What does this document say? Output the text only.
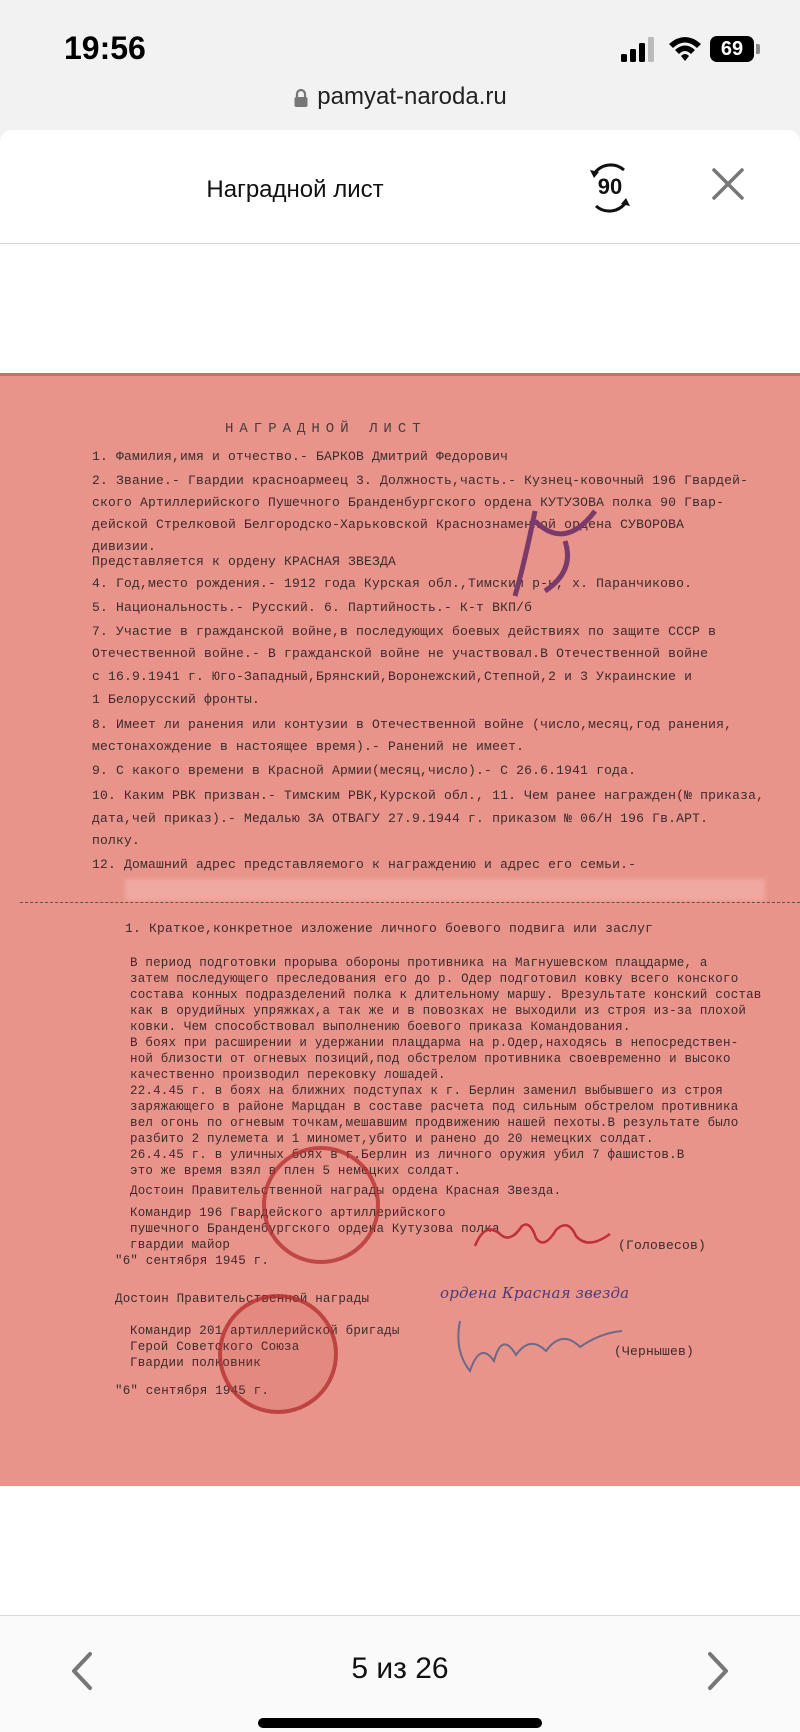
19:56	69
pamyat-naroda.ru
Наградной лист	90
НАГРАДНОЙ ЛИСТ
1. Фамилия,имя и отчество.- БАРКОВ Дмитрий Федорович
2. Звание.- Гвардии красноармеец 3. Должность,часть.- Кузнец-ковочный 196 Гвардей-
ского Артиллерийского Пушечного Бранденбургского ордена КУТУЗОВА полка 90 Гвар-
дейской Стрелковой Белгородско-Харьковской Краснознаменной ордена СУВОРОВА
дивизии.
Представляется к ордену КРАСНАЯ ЗВЕЗДА
4. Год,место рождения.- 1912 года Курская обл.,Тимский р-н, х. Паранчиково.
5. Национальность.- Русский. 6. Партийность.- К-т ВКП/б
7. Участие в гражданской войне,в последующих боевых действиях по защите СССР в
Отечественной войне.- В гражданской войне не участвовал.В Отечественной войне
с 16.9.1941 г. Юго-Западный,Брянский,Воронежский,Степной,2 и 3 Украинские и
1 Белорусский фронты.
8. Имеет ли ранения или контузии в Отечественной войне (число,месяц,год ранения,
местонахождение в настоящее время).- Ранений не имеет.
9. С какого времени в Красной Армии(месяц,число).- С 26.6.1941 года.
10. Каким РВК призван.- Тимским РВК,Курской обл., 11. Чем ранее награжден(№ приказа,
дата,чей приказ).- Медалью ЗА ОТВАГУ 27.9.1944 г. приказом № 06/Н 196 Гв.АРТ.
полку.
12. Домашний адрес представляемого к награждению и адрес его семьи.-
1. Краткое,конкретное изложение личного боевого подвига или заслуг
В период подготовки прорыва обороны противника на Магнушевском плацдарме, а
затем последующего преследования его до р. Одер подготовил ковку всего конского
состава конных подразделений полка к длительному маршу. Врезультате конский состав
как в орудийных упряжках,а так же и в повозках не выходили из строя из-за плохой
ковки. Чем способствовал выполнению боевого приказа Командования.
В боях при расширении и удержании плацдарма на р.Одер,находясь в непосредствен-
ной близости от огневых позиций,под обстрелом противника своевременно и высоко
качественно производил перековку лошадей.
22.4.45 г. в боях на ближних подступах к г. Берлин заменил выбывшего из строя
заряжающего в районе Марцдан в составе расчета под сильным обстрелом противника
вел огонь по огневым точкам,мешавшим продвижению нашей пехоты.В результате было
разбито 2 пулемета и 1 миномет,убито и ранено до 20 немецких солдат.
26.4.45 г. в уличных боях в г.Берлин из личного оружия убил 7 фашистов.В
это же время взял в плен 5 немецких солдат.
Достоин Правительственной награды ордена Красная Звезда.
Командир 196 Гвардейского артиллерийского
пушечного Бранденбургского ордена Кутузова полка
гвардии майор
"6" сентября 1945 г.
Достоин Правительственной награды
Командир 201 артиллерийской бригады
Герой Советского Союза
Гвардии полковник
"6" сентября 1945 г.
(Головесов)
(Чернышев)
ордена Красная звезда
5 из 26
